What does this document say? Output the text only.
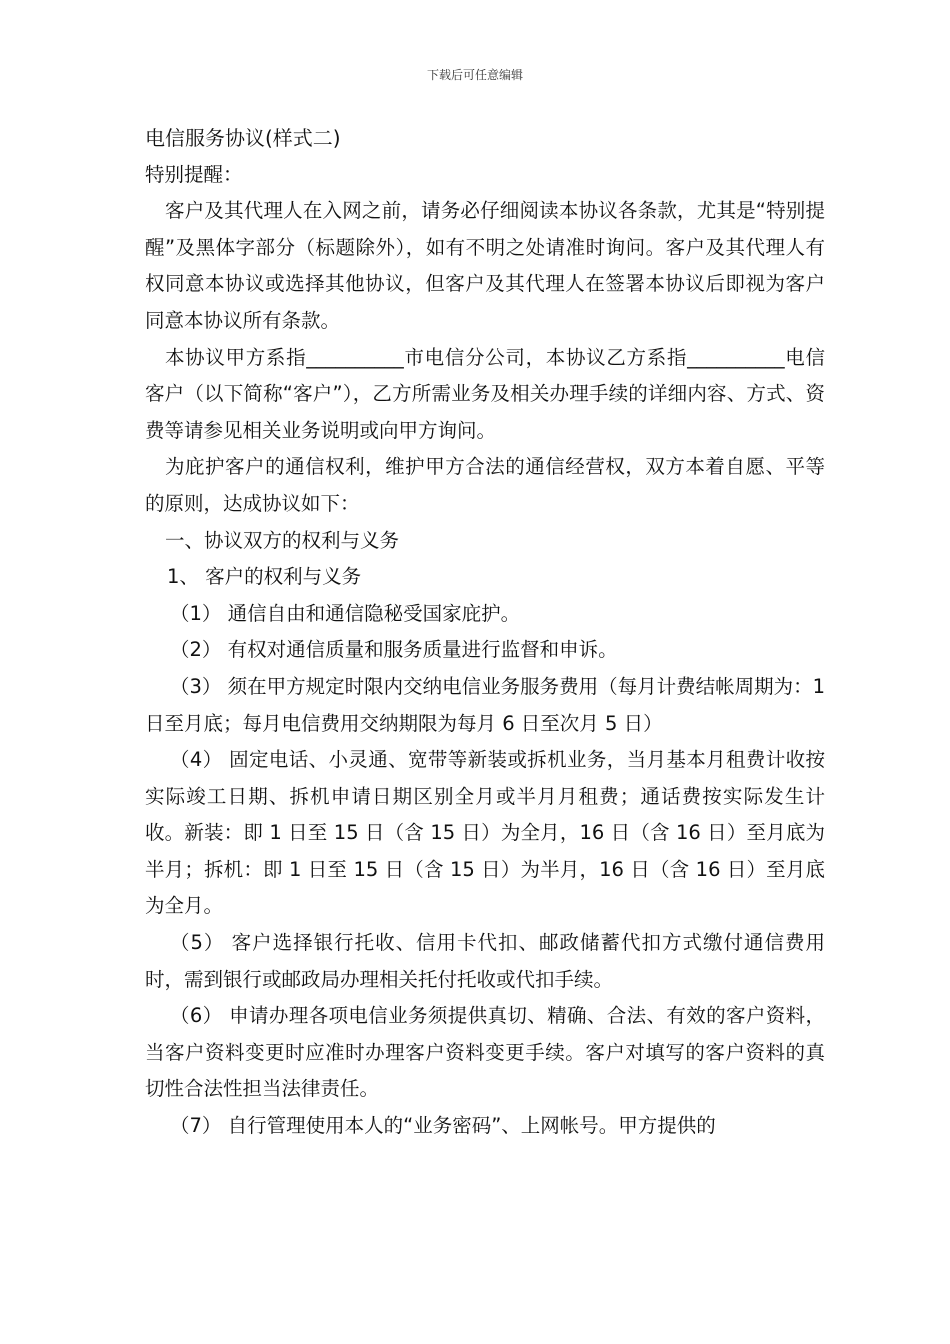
下载后可任意编辑

电信服务协议(样式二)

特别提醒：

客户及其代理人在入网之前，请务必仔细阅读本协议各条款，尤其是“特别提醒”及黑体字部分（标题除外），如有不明之处请准时询问。客户及其代理人有权同意本协议或选择其他协议，但客户及其代理人在签署本协议后即视为客户同意本协议所有条款。

本协议甲方系指__________市电信分公司，本协议乙方系指__________电信客户（以下简称“客户”），乙方所需业务及相关办理手续的详细内容、方式、资费等请参见相关业务说明或向甲方询问。

为庇护客户的通信权利，维护甲方合法的通信经营权，双方本着自愿、平等的原则，达成协议如下：

一、协议双方的权利与义务

1、 客户的权利与义务

（1） 通信自由和通信隐秘受国家庇护。

（2） 有权对通信质量和服务质量进行监督和申诉。

（3） 须在甲方规定时限内交纳电信业务服务费用（每月计费结帐周期为：1 日至月底；每月电信费用交纳期限为每月 6 日至次月 5 日）

（4） 固定电话、小灵通、宽带等新装或拆机业务，当月基本月租费计收按实际竣工日期、拆机申请日期区别全月或半月月租费；通话费按实际发生计收。新装：即 1 日至 15 日（含 15 日）为全月，16 日（含 16 日）至月底为半月；拆机：即 1 日至 15 日（含 15 日）为半月，16 日（含 16 日）至月底为全月。

（5） 客户选择银行托收、信用卡代扣、邮政储蓄代扣方式缴付通信费用时，需到银行或邮政局办理相关托付托收或代扣手续。

（6） 申请办理各项电信业务须提供真切、精确、合法、有效的客户资料，当客户资料变更时应准时办理客户资料变更手续。客户对填写的客户资料的真切性合法性担当法律责任。

（7） 自行管理使用本人的“业务密码”、上网帐号。甲方提供的
